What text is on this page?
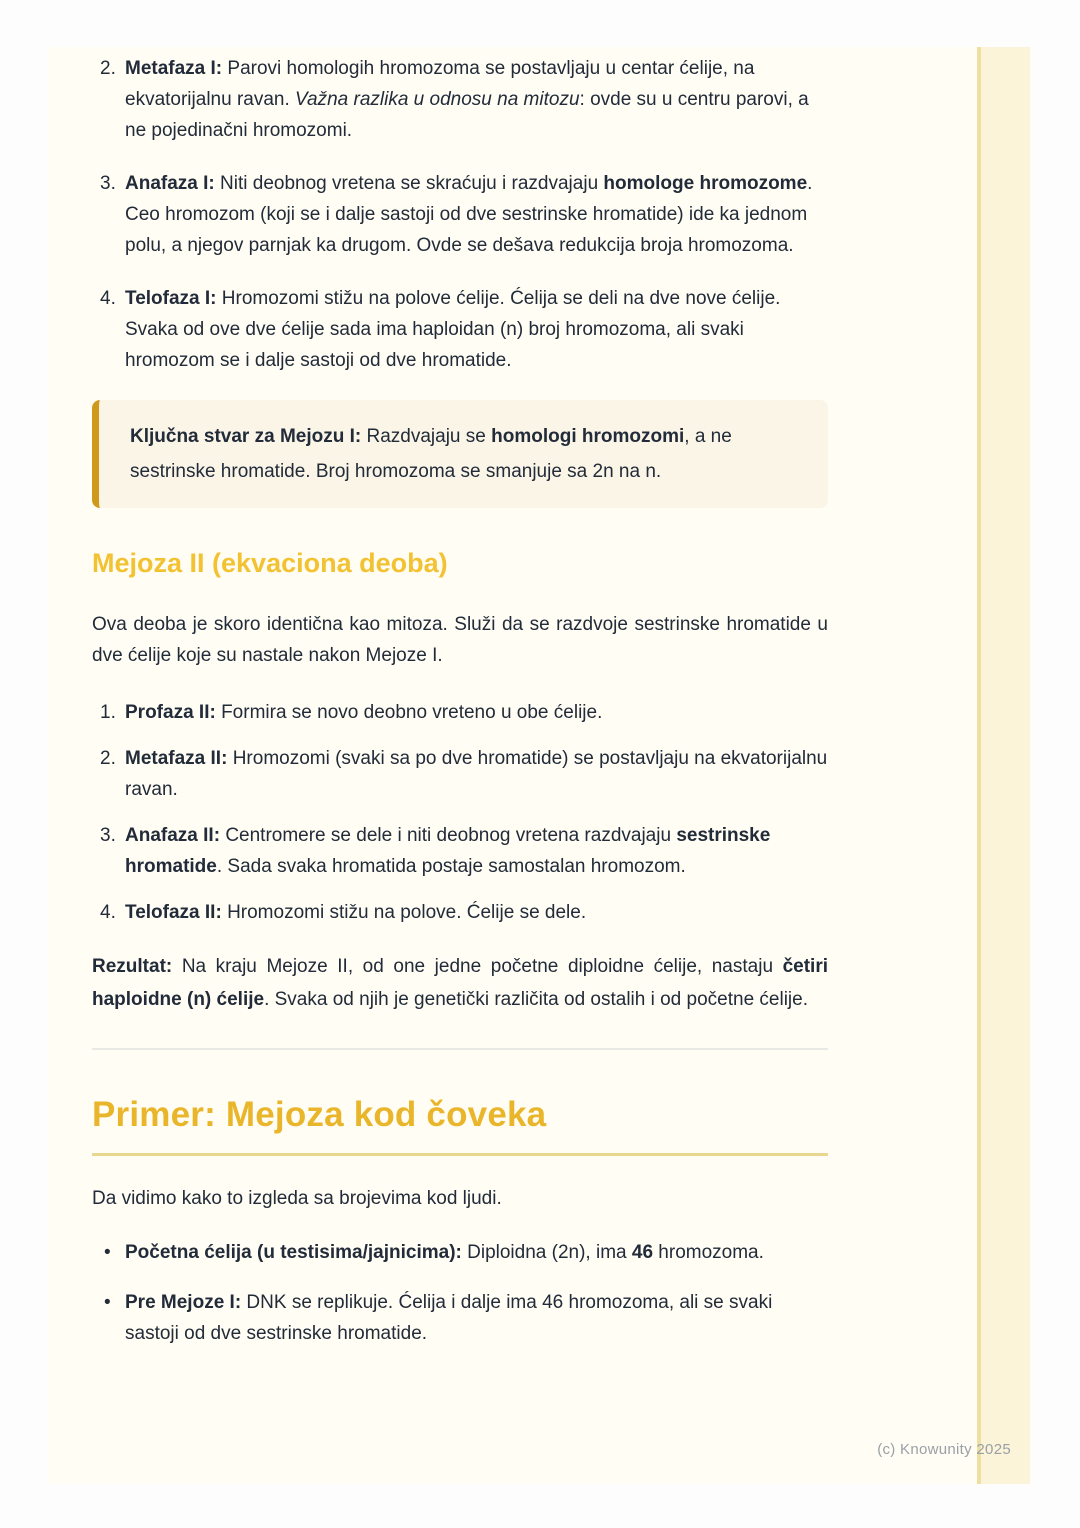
2. Metafaza I: Parovi homologih hromozoma se postavljaju u centar ćelije, na ekvatorijalnu ravan. Važna razlika u odnosu na mitozu: ovde su u centru parovi, a ne pojedinačni hromozomi.
3. Anafaza I: Niti deobnog vretena se skraćuju i razdvajaju homologe hromozome. Ceo hromozom (koji se i dalje sastoji od dve sestrinske hromatide) ide ka jednom polu, a njegov parnjak ka drugom. Ovde se dešava redukcija broja hromozoma.
4. Telofaza I: Hromozomi stižu na polove ćelije. Ćelija se deli na dve nove ćelije. Svaka od ove dve ćelije sada ima haploidan (n) broj hromozoma, ali svaki hromozom se i dalje sastoji od dve hromatide.
Ključna stvar za Mejozu I: Razdvajaju se homologi hromozomi, a ne sestrinske hromatide. Broj hromozoma se smanjuje sa 2n na n.
Mejoza II (ekvaciona deoba)

Ova deoba je skoro identična kao mitoza. Služi da se razdvoje sestrinske hromatide u dve ćelije koje su nastale nakon Mejoze I.

1. Profaza II: Formira se novo deobno vreteno u obe ćelije.
2. Metafaza II: Hromozomi (svaki sa po dve hromatide) se postavljaju na ekvatorijalnu ravan.
3. Anafaza II: Centromere se dele i niti deobnog vretena razdvajaju sestrinske hromatide. Sada svaka hromatida postaje samostalan hromozom.
4. Telofaza II: Hromozomi stižu na polove. Ćelije se dele.

Rezultat: Na kraju Mejoze II, od one jedne početne diploidne ćelije, nastaju četiri haploidne (n) ćelije. Svaka od njih je genetički različita od ostalih i od početne ćelije.

Primer: Mejoza kod čoveka

Da vidimo kako to izgleda sa brojevima kod ljudi.

• Početna ćelija (u testisima/jajnicima): Diploidna (2n), ima 46 hromozoma.
• Pre Mejoze I: DNK se replikuje. Ćelija i dalje ima 46 hromozoma, ali se svaki sastoji od dve sestrinske hromatide.
(c) Knowunity 2025
